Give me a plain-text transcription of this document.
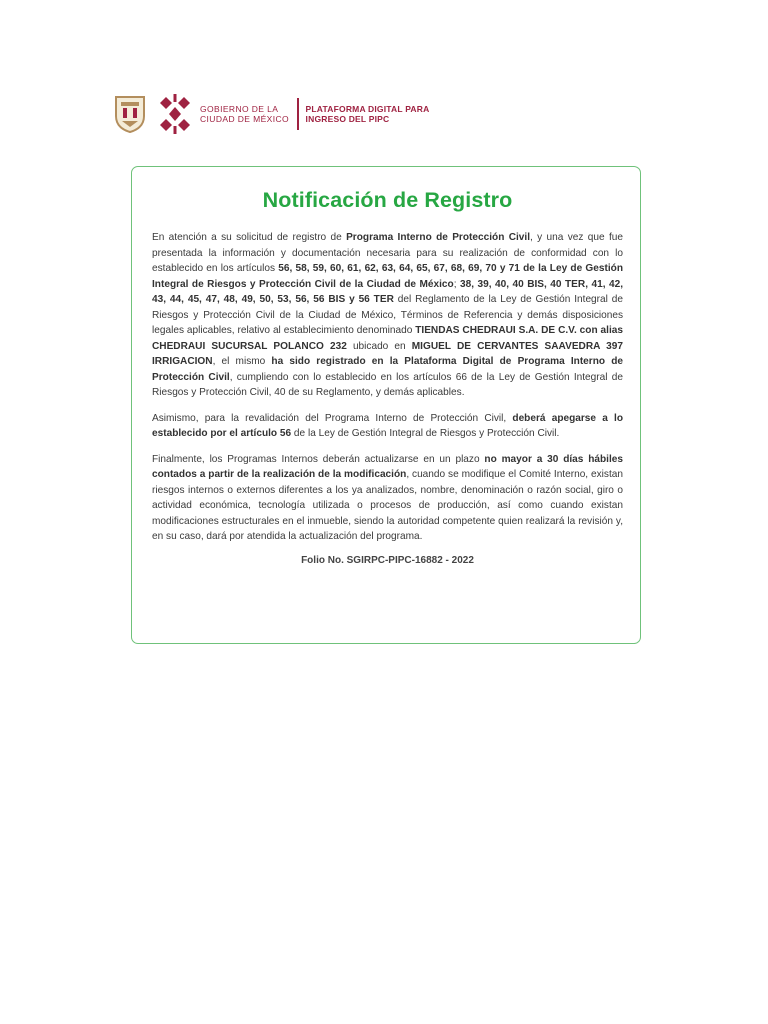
GOBIERNO DE LA
CIUDAD DE MÉXICO
PLATAFORMA DIGITAL PARA
INGRESO DEL PIPC
Notificación de Registro

En atención a su solicitud de registro de Programa Interno de Protección Civil, y una vez que fue presentada la información y documentación necesaria para su realización de conformidad con lo establecido en los artículos 56, 58, 59, 60, 61, 62, 63, 64, 65, 67, 68, 69, 70 y 71 de la Ley de Gestión Integral de Riesgos y Protección Civil de la Ciudad de México; 38, 39, 40, 40 BIS, 40 TER, 41, 42, 43, 44, 45, 47, 48, 49, 50, 53, 56, 56 BIS y 56 TER del Reglamento de la Ley de Gestión Integral de Riesgos y Protección Civil de la Ciudad de México, Términos de Referencia y demás disposiciones legales aplicables, relativo al establecimiento denominado TIENDAS CHEDRAUI S.A. DE C.V. con alias CHEDRAUI SUCURSAL POLANCO 232 ubicado en MIGUEL DE CERVANTES SAAVEDRA 397 IRRIGACION, el mismo ha sido registrado en la Plataforma Digital de Programa Interno de Protección Civil, cumpliendo con lo establecido en los artículos 66 de la Ley de Gestión Integral de Riesgos y Protección Civil, 40 de su Reglamento, y demás aplicables.

Asimismo, para la revalidación del Programa Interno de Protección Civil, deberá apegarse a lo establecido por el artículo 56 de la Ley de Gestión Integral de Riesgos y Protección Civil.

Finalmente, los Programas Internos deberán actualizarse en un plazo no mayor a 30 días hábiles contados a partir de la realización de la modificación, cuando se modifique el Comité Interno, existan riesgos internos o externos diferentes a los ya analizados, nombre, denominación o razón social, giro o actividad económica, tecnología utilizada o procesos de producción, así como cuando existan modificaciones estructurales en el inmueble, siendo la autoridad competente quien realizará la revisión y, en su caso, dará por atendida la actualización del programa.

Folio No. SGIRPC-PIPC-16882 - 2022
